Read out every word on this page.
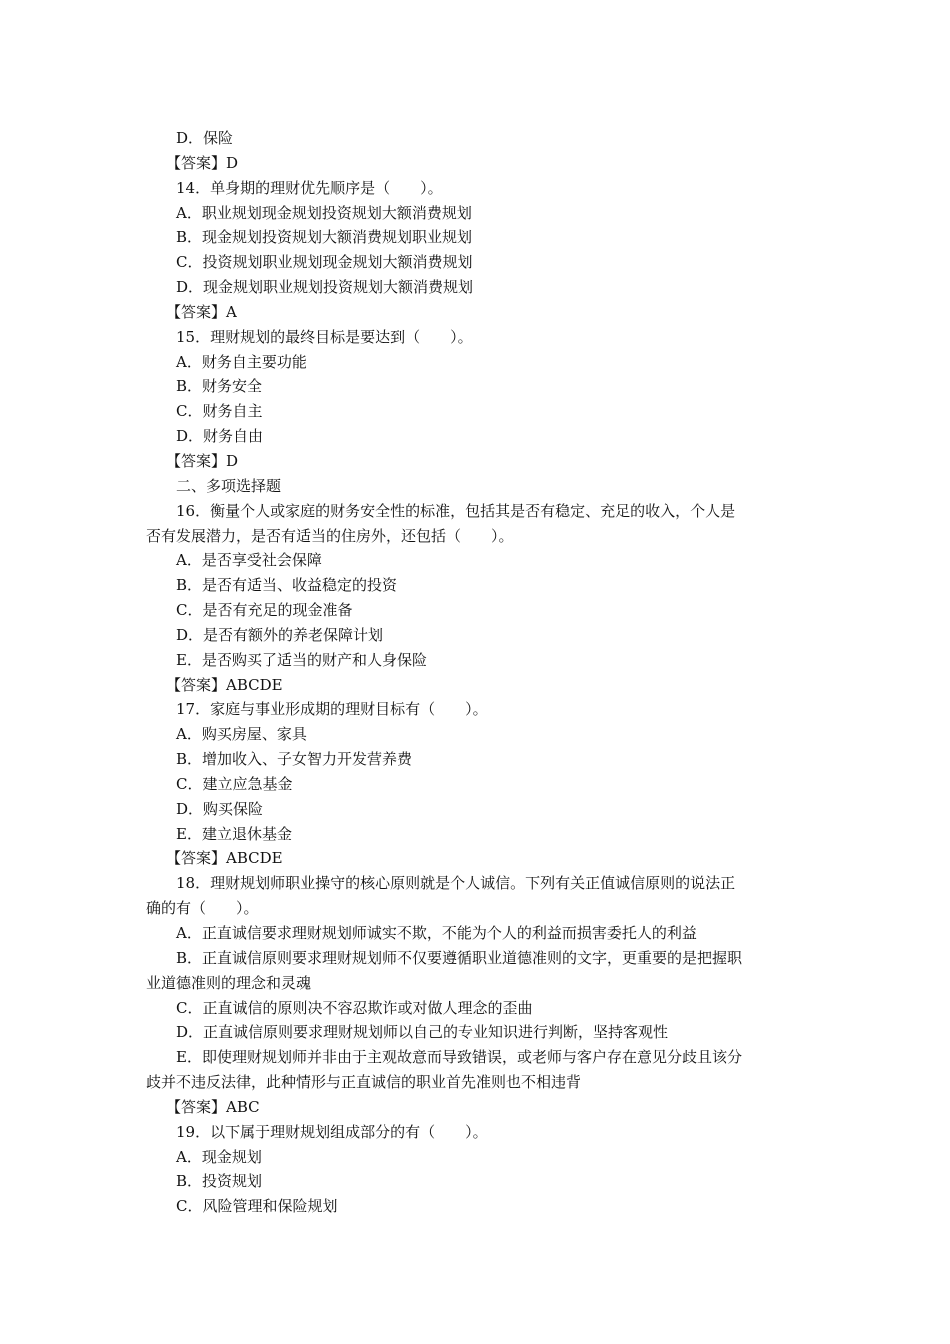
D．保险
【答案】D
14．单身期的理财优先顺序是（　　）。
A．职业规划现金规划投资规划大额消费规划
B．现金规划投资规划大额消费规划职业规划
C．投资规划职业规划现金规划大额消费规划
D．现金规划职业规划投资规划大额消费规划
【答案】A
15．理财规划的最终目标是要达到（　　）。
A．财务自主要功能
B．财务安全
C．财务自主
D．财务自由
【答案】D
二、多项选择题
16．衡量个人或家庭的财务安全性的标准，包括其是否有稳定、充足的收入，个人是
否有发展潜力，是否有适当的住房外，还包括（　　）。
A．是否享受社会保障
B．是否有适当、收益稳定的投资
C．是否有充足的现金准备
D．是否有额外的养老保障计划
E．是否购买了适当的财产和人身保险
【答案】ABCDE
17．家庭与事业形成期的理财目标有（　　）。
A．购买房屋、家具
B．增加收入、子女智力开发营养费
C．建立应急基金
D．购买保险
E．建立退休基金
【答案】ABCDE
18．理财规划师职业操守的核心原则就是个人诚信。下列有关正值诚信原则的说法正
确的有（　　）。
A．正直诚信要求理财规划师诚实不欺，不能为个人的利益而损害委托人的利益
B．正直诚信原则要求理财规划师不仅要遵循职业道德准则的文字，更重要的是把握职
业道德准则的理念和灵魂
C．正直诚信的原则决不容忍欺诈或对做人理念的歪曲
D．正直诚信原则要求理财规划师以自己的专业知识进行判断，坚持客观性
E．即使理财规划师并非由于主观故意而导致错误，或老师与客户存在意见分歧且该分
歧并不违反法律，此种情形与正直诚信的职业首先准则也不相违背
【答案】ABC
19．以下属于理财规划组成部分的有（　　）。
A．现金规划
B．投资规划
C．风险管理和保险规划
